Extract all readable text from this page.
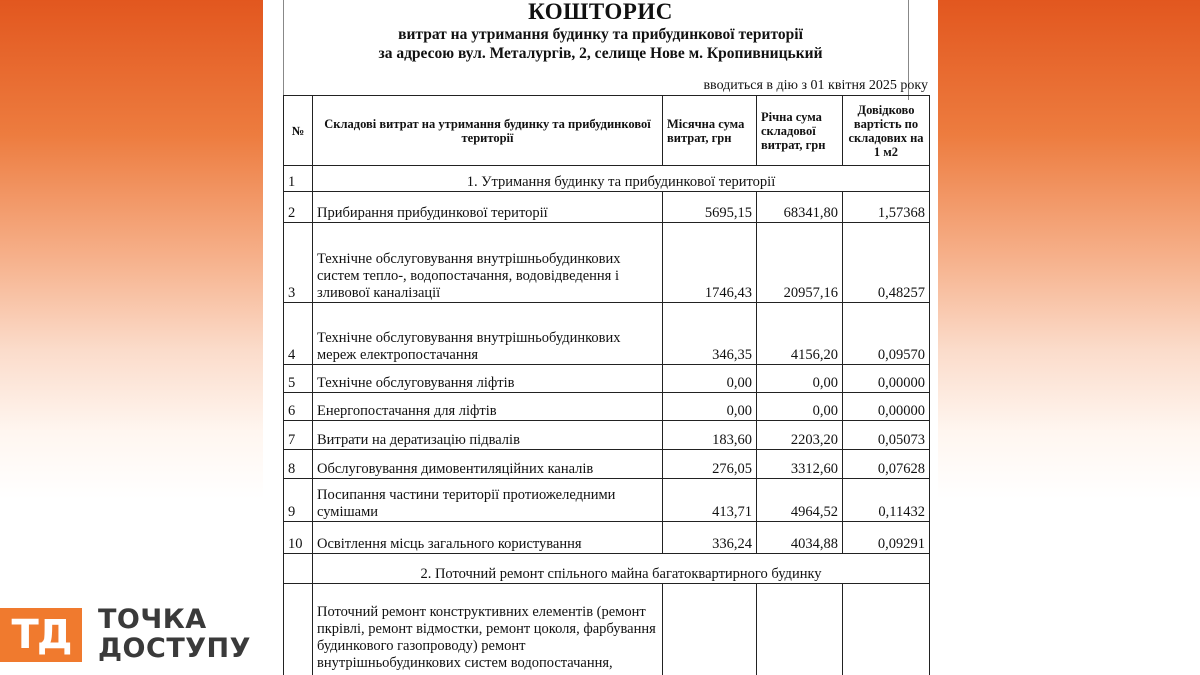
КОШТОРИС
витрат на утримання будинку та прибудинкової території
за адресою вул. Металургів, 2, селище Нове м. Кропивницький
вводиться в дію з 01 квітня 2025 року
№	Складові витрат на утримання будинку та прибудинкової території	Місячна сума витрат, грн	Річна сума складової витрат, грн	Довідково вартість по складових на 1 м2
1	1. Утримання будинку та прибудинкової території			
2	Прибирання прибудинкової території	5695,15	68341,80	1,57368
3	Технічне обслуговування внутрішньобудинкових систем тепло-, водопостачання, водовідведення і зливової каналізації	1746,43	20957,16	0,48257
4	Технічне обслуговування внутрішньобудинкових мереж електропостачання	346,35	4156,20	0,09570
5	Технічне обслуговування ліфтів	0,00	0,00	0,00000
6	Енергопостачання для ліфтів	0,00	0,00	0,00000
7	Витрати на дератизацію підвалів	183,60	2203,20	0,05073
8	Обслуговування димовентиляційних каналів	276,05	3312,60	0,07628
9	Посипання частини території протиожеледними сумішами	413,71	4964,52	0,11432
10	Освітлення місць загального користування	336,24	4034,88	0,09291
	2. Поточний ремонт спільного майна багатоквартирного будинку			
	Поточний ремонт конструктивних елементів (ремонт пкрівлі, ремонт відмостки, ремонт цоколя, фарбування будинкового газопроводу) ремонт внутрішньобудинкових систем водопостачання,			
ТД	ТОЧКА
ДОСТУПУ
